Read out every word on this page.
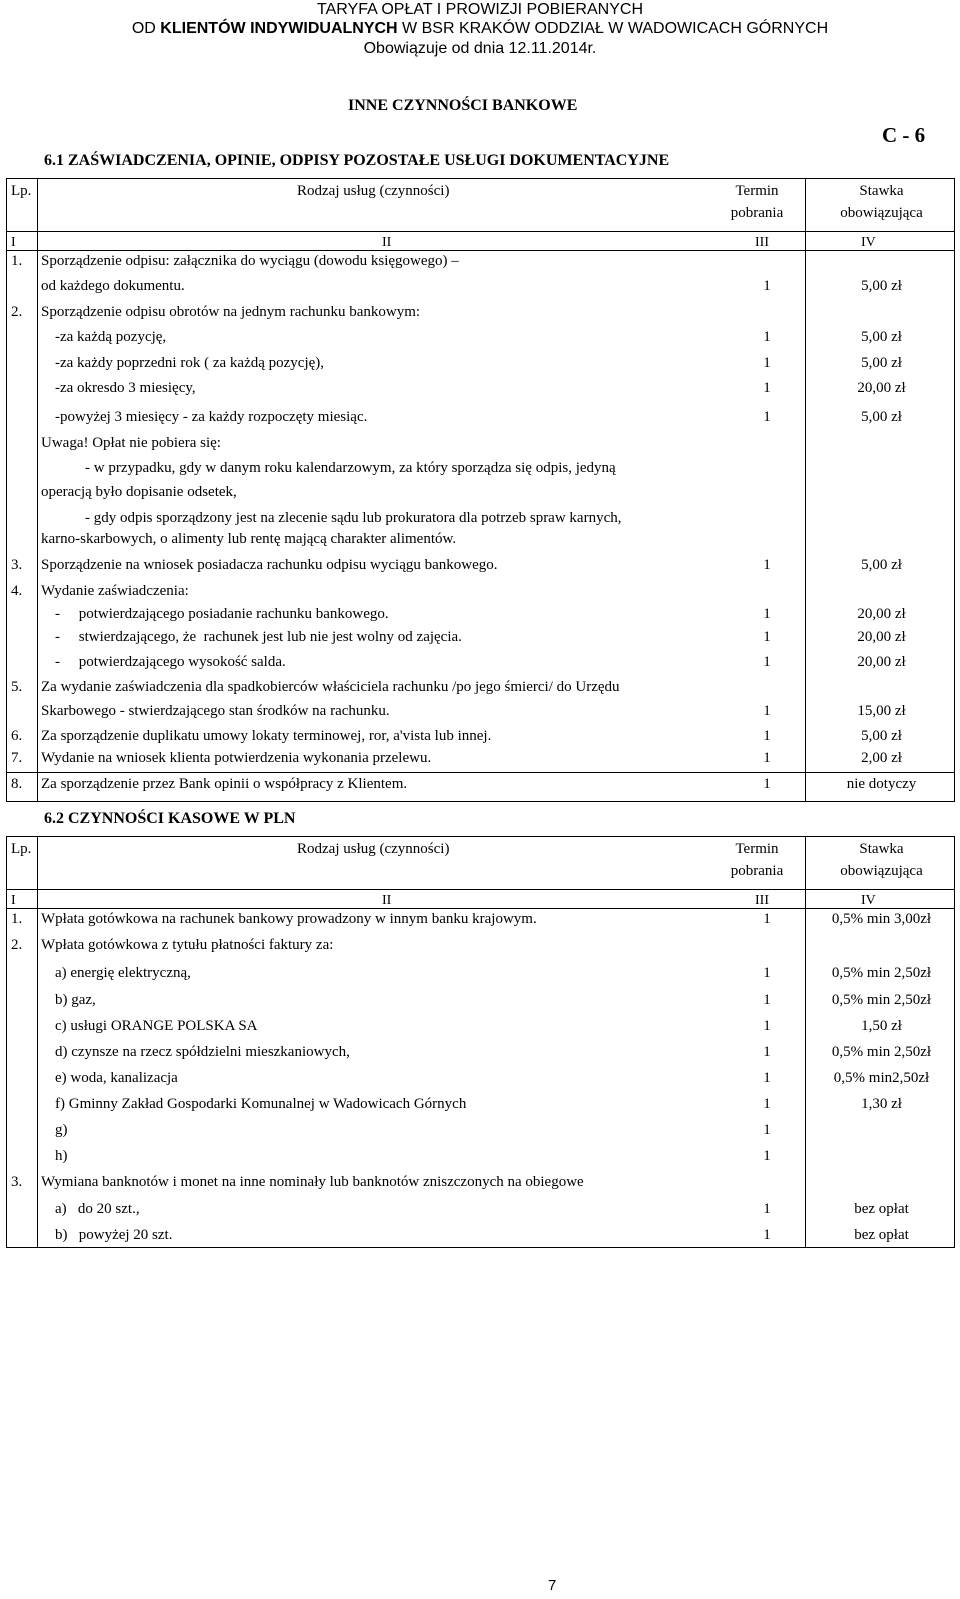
TARYFA OPŁAT I PROWIZJI POBIERANYCH
OD KLIENTÓW INDYWIDUALNYCH W BSR KRAKÓW ODDZIAŁ W WADOWICACH GÓRNYCH
Obowiązuje od dnia 12.11.2014r.
INNE CZYNNOŚCI BANKOWE
C - 6
6.1 ZAŚWIADCZENIA, OPINIE, ODPISY POZOSTAŁE USŁUGI DOKUMENTACYJNE
Lp.	Rodzaj usług (czynności)	Termin	Stawka
pobrania	obowiązująca
I	II	III	IV
1. Sporządzenie odpisu: załącznika do wyciągu (dowodu księgowego) –
od każdego dokumentu.	1	5,00 zł
2. Sporządzenie odpisu obrotów na jednym rachunku bankowym:
-za każdą pozycję,	1	5,00 zł
-za każdy poprzedni rok ( za każdą pozycję),	1	5,00 zł
-za okresdo 3 miesięcy,	1	20,00 zł
-powyżej 3 miesięcy - za każdy rozpoczęty miesiąc.	1	5,00 zł
Uwaga! Opłat nie pobiera się:
- w przypadku, gdy w danym roku kalendarzowym, za który sporządza się odpis, jedyną
operacją było dopisanie odsetek,
- gdy odpis sporządzony jest na zlecenie sądu lub prokuratora dla potrzeb spraw karnych,
karno-skarbowych, o alimenty lub rentę mającą charakter alimentów.
3. Sporządzenie na wniosek posiadacza rachunku odpisu wyciągu bankowego.	1	5,00 zł
4. Wydanie zaświadczenia:
-     potwierdzającego posiadanie rachunku bankowego.	1	20,00 zł
-     stwierdzającego, że  rachunek jest lub nie jest wolny od zajęcia.	1	20,00 zł
-     potwierdzającego wysokość salda.	1	20,00 zł
5. Za wydanie zaświadczenia dla spadkobierców właściciela rachunku /po jego śmierci/ do Urzędu
Skarbowego - stwierdzającego stan środków na rachunku.	1	15,00 zł
6. Za sporządzenie duplikatu umowy lokaty terminowej, ror, a'vista lub innej.	1	5,00 zł
7. Wydanie na wniosek klienta potwierdzenia wykonania przelewu.	1	2,00 zł
8. Za sporządzenie przez Bank opinii o współpracy z Klientem.	1	nie dotyczy
6.2 CZYNNOŚCI KASOWE W PLN
Lp.	Rodzaj usług (czynności)	Termin	Stawka
pobrania	obowiązująca
I	II	III	IV
1. Wpłata gotówkowa na rachunek bankowy prowadzony w innym banku krajowym.	1	0,5% min 3,00zł
2. Wpłata gotówkowa z tytułu płatności faktury za:
a) energię elektryczną,	1	0,5% min 2,50zł
b) gaz,	1	0,5% min 2,50zł
c) usługi ORANGE POLSKA SA	1	1,50 zł
d) czynsze na rzecz spółdzielni mieszkaniowych,	1	0,5% min 2,50zł
e) woda, kanalizacja	1	0,5% min2,50zł
f) Gminny Zakład Gospodarki Komunalnej w Wadowicach Górnych	1	1,30 zł
g)	1
h)	1
3. Wymiana banknotów i monet na inne nominały lub banknotów zniszczonych na obiegowe
a)   do 20 szt.,	1	bez opłat
b)   powyżej 20 szt.	1	bez opłat
7
